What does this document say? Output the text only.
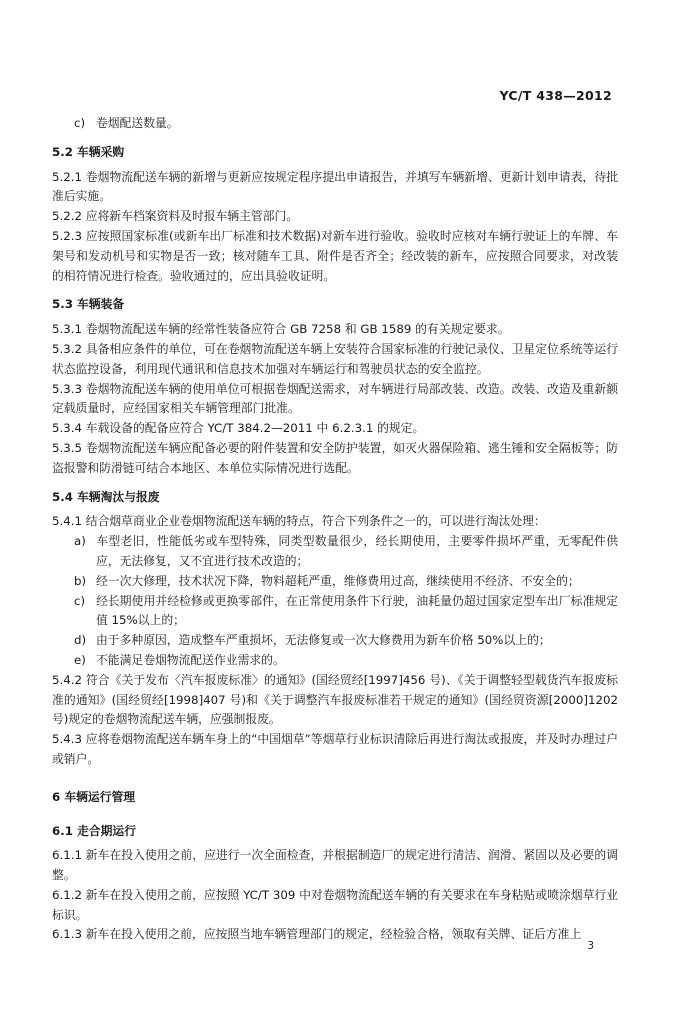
YC/T 438—2012

c) 卷烟配送数量。

5.2 车辆采购

5.2.1 卷烟物流配送车辆的新增与更新应按规定程序提出申请报告，并填写车辆新增、更新计划申请表，待批准后实施。

5.2.2 应将新车档案资料及时报车辆主管部门。

5.2.3 应按照国家标准(或新车出厂标准和技术数据)对新车进行验收。验收时应核对车辆行驶证上的车牌、车架号和发动机号和实物是否一致；核对随车工具、附件是否齐全；经改装的新车，应按照合同要求，对改装的相符情况进行检查。验收通过的，应出具验收证明。

5.3 车辆装备

5.3.1 卷烟物流配送车辆的经常性装备应符合 GB 7258 和 GB 1589 的有关规定要求。

5.3.2 具备相应条件的单位，可在卷烟物流配送车辆上安装符合国家标准的行驶记录仪、卫星定位系统等运行状态监控设备，利用现代通讯和信息技术加强对车辆运行和驾驶员状态的安全监控。

5.3.3 卷烟物流配送车辆的使用单位可根据卷烟配送需求，对车辆进行局部改装、改造。改装、改造及重新额定载质量时，应经国家相关车辆管理部门批准。

5.3.4 车载设备的配备应符合 YC/T 384.2—2011 中 6.2.3.1 的规定。

5.3.5 卷烟物流配送车辆应配备必要的附件装置和安全防护装置，如灭火器保险箱、逃生锤和安全隔板等；防盗报警和防滑链可结合本地区、本单位实际情况进行选配。

5.4 车辆淘汰与报废

5.4.1 结合烟草商业企业卷烟物流配送车辆的特点，符合下列条件之一的，可以进行淘汰处理：

a) 车型老旧，性能低劣或车型特殊，同类型数量很少，经长期使用，主要零件损坏严重，无零配件供应，无法修复，又不宜进行技术改造的；

b) 经一次大修理，技术状况下降，物料超耗严重，维修费用过高，继续使用不经济、不安全的；

c) 经长期使用并经检修或更换零部件，在正常使用条件下行驶，油耗量仍超过国家定型车出厂标准规定值 15%以上的；

d) 由于多种原因，造成整车严重损坏，无法修复或一次大修费用为新车价格 50%以上的；

e) 不能满足卷烟物流配送作业需求的。

5.4.2 符合《关于发布〈汽车报废标准〉的通知》(国经贸经[1997]456 号)、《关于调整轻型载货汽车报废标准的通知》(国经贸经[1998]407 号)和《关于调整汽车报废标准若干规定的通知》(国经贸资源[2000]1202 号)规定的卷烟物流配送车辆，应强制报废。

5.4.3 应将卷烟物流配送车辆车身上的“中国烟草”等烟草行业标识清除后再进行淘汰或报废，并及时办理过户或销户。

6 车辆运行管理

6.1 走合期运行

6.1.1 新车在投入使用之前，应进行一次全面检查，并根据制造厂的规定进行清洁、润滑、紧固以及必要的调整。

6.1.2 新车在投入使用之前，应按照 YC/T 309 中对卷烟物流配送车辆的有关要求在车身粘贴或喷涂烟草行业标识。

6.1.3 新车在投入使用之前，应按照当地车辆管理部门的规定，经检验合格，领取有关牌、证后方准上

3
